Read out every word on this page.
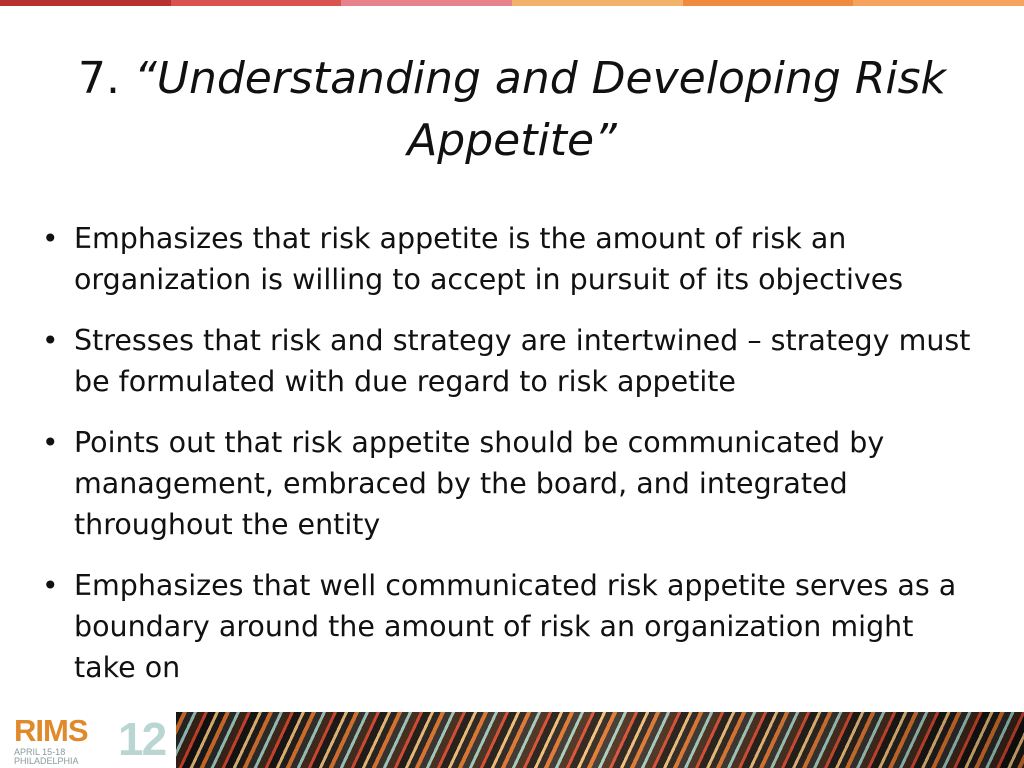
7. “Understanding and Developing Risk Appetite”
• Emphasizes that risk appetite is the amount of risk an organization is willing to accept in pursuit of its objectives
• Stresses that risk and strategy are intertwined – strategy must be formulated with due regard to risk appetite
• Points out that risk appetite should be communicated by management, embraced by the board, and integrated throughout the entity
• Emphasizes that well communicated risk appetite serves as a boundary around the amount of risk an organization might take on
RIMS 12
APRIL 15-18 PHILADELPHIA
